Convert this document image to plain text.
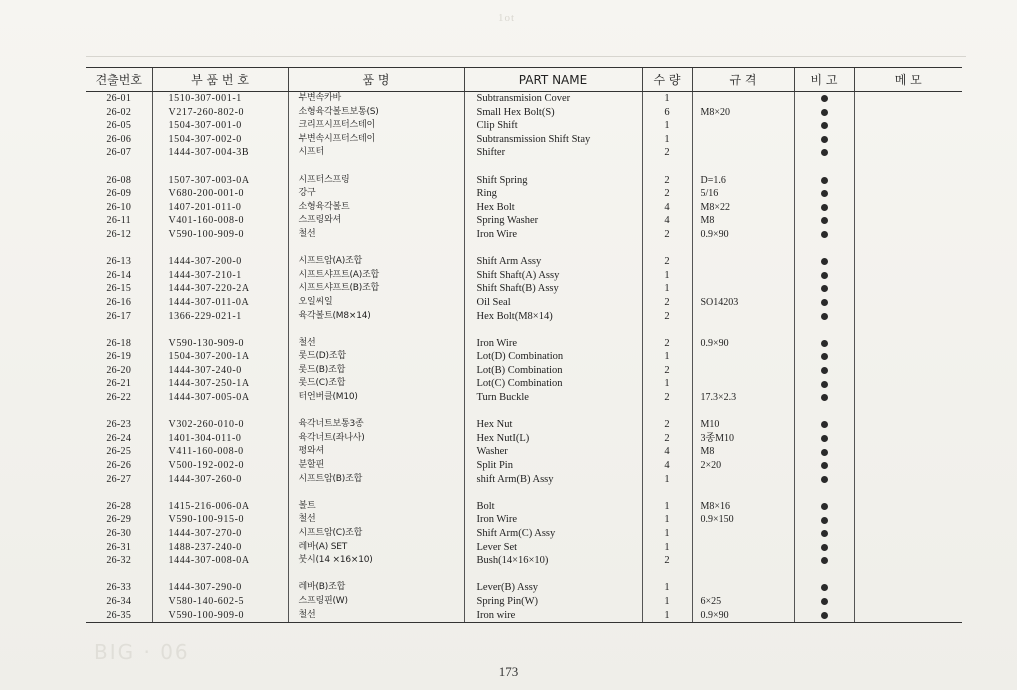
1ot
견출번호	부 품 번 호	품 명	PART NAME	수 량	규 격	비 고	메 모
26-01	1510-307-001-1	부변속카바	Subtransmision Cover	1			
26-02	V217-260-802-0	소형육각볼트보통(S)	Small Hex Bolt(S)	6	M8×20		
26-05	1504-307-001-0	크리프시프터스테이	Clip Shift	1			
26-06	1504-307-002-0	부변속시프터스테이	Subtransmission Shift Stay	1			
26-07	1444-307-004-3B	시프터	Shifter	2			

26-08	1507-307-003-0A	시프터스프링	Shift Spring	2	D=1.6		
26-09	V680-200-001-0	강구	Ring	2	5/16		
26-10	1407-201-011-0	소형육각볼트	Hex Bolt	4	M8×22		
26-11	V401-160-008-0	스프링와셔	Spring Washer	4	M8		
26-12	V590-100-909-0	철선	Iron Wire	2	0.9×90		

26-13	1444-307-200-0	시프트암(A)조합	Shift Arm Assy	2			
26-14	1444-307-210-1	시프트샤프트(A)조합	Shift Shaft(A) Assy	1			
26-15	1444-307-220-2A	시프트샤프트(B)조합	Shift Shaft(B) Assy	1			
26-16	1444-307-011-0A	오일씨일	Oil Seal	2	SO14203		
26-17	1366-229-021-1	육각볼트(M8×14)	Hex Bolt(M8×14)	2			

26-18	V590-130-909-0	철선	Iron Wire	2	0.9×90		
26-19	1504-307-200-1A	롯드(D)조합	Lot(D) Combination	1			
26-20	1444-307-240-0	롯드(B)조합	Lot(B) Combination	2			
26-21	1444-307-250-1A	롯드(C)조합	Lot(C) Combination	1			
26-22	1444-307-005-0A	터언버클(M10)	Turn Buckle	2	17.3×2.3		

26-23	V302-260-010-0	육각너트보통3종	Hex Nut	2	M10		
26-24	1401-304-011-0	육각너트(좌나사)	Hex NutI(L)	2	3종M10		
26-25	V411-160-008-0	평와셔	Washer	4	M8		
26-26	V500-192-002-0	분할핀	Split Pin	4	2×20		
26-27	1444-307-260-0	시프트암(B)조합	shift Arm(B) Assy	1			

26-28	1415-216-006-0A	볼트	Bolt	1	M8×16		
26-29	V590-100-915-0	철선	Iron Wire	1	0.9×150		
26-30	1444-307-270-0	시프트암(C)조합	Shift Arm(C) Assy	1			
26-31	1488-237-240-0	레바(A) SET	Lever Set	1			
26-32	1444-307-008-0A	붓시(14 ×16×10)	Bush(14×16×10)	2			

26-33	1444-307-290-0	레바(B)조합	Lever(B) Assy	1			
26-34	V580-140-602-5	스프링핀(W)	Spring Pin(W)	1	6×25		
26-35	V590-100-909-0	철선	Iron wire	1	0.9×90		
BIG · 06
173
